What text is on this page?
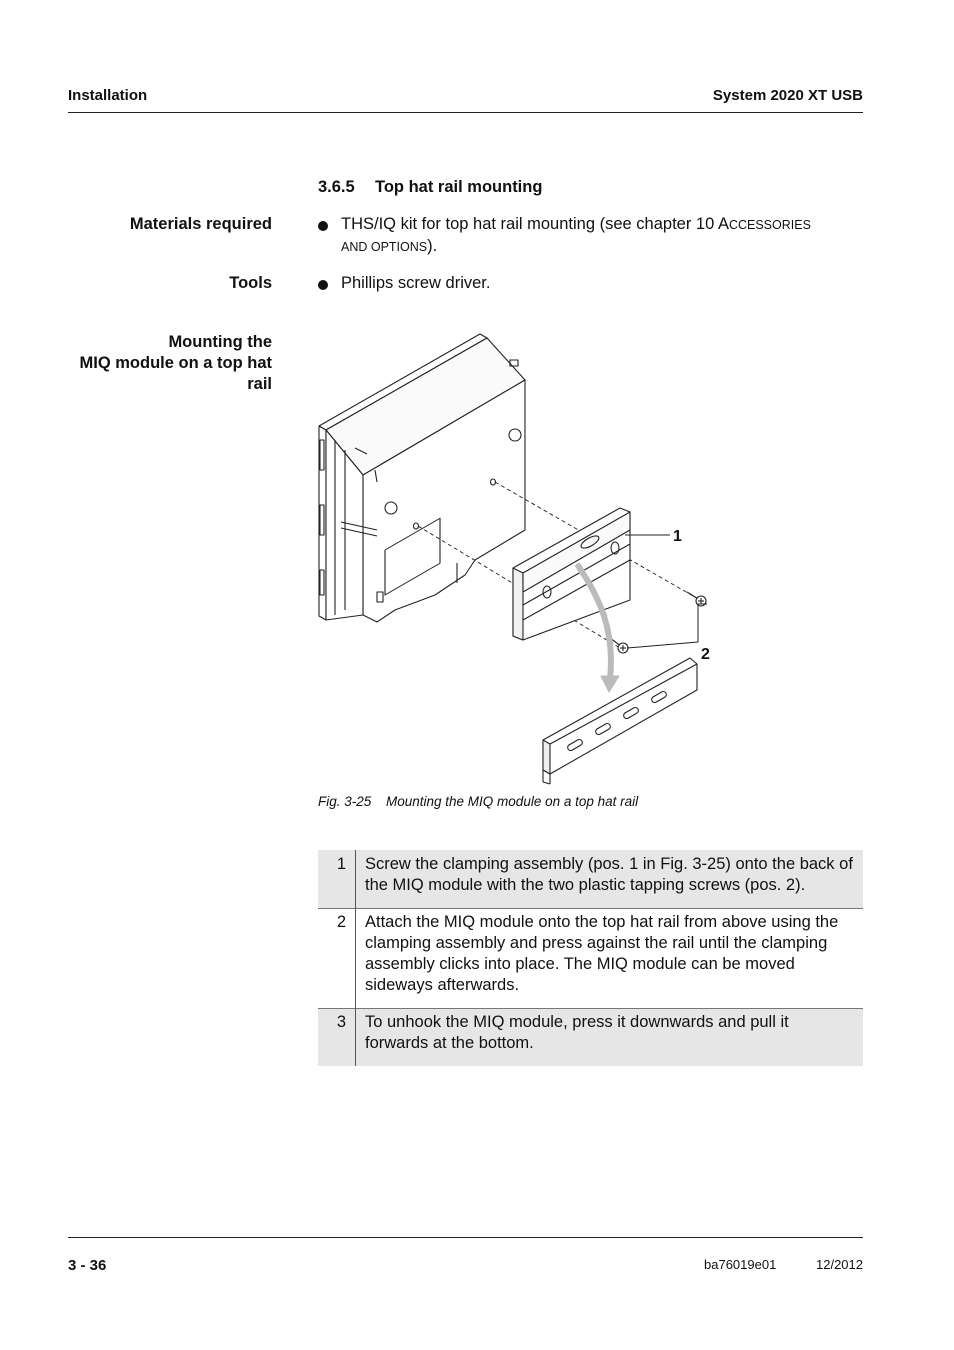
Installation	System 2020 XT USB
3.6.5 Top hat rail mounting
Materials required
Tools
Mounting the
MIQ module on a top hat
rail
THS/IQ kit for top hat rail mounting (see chapter 10 ACCESSORIES
AND OPTIONS).
Phillips screw driver.
1
2
Fig. 3-25 Mounting the MIQ module on a top hat rail
1	Screw the clamping assembly (pos. 1 in Fig. 3-25) onto the back of the MIQ module with the two plastic tapping screws (pos. 2).
2	Attach the MIQ module onto the top hat rail from above using the clamping assembly and press against the rail until the clamping assembly clicks into place. The MIQ module can be moved sideways afterwards.
3	To unhook the MIQ module, press it downwards and pull it forwards at the bottom.
3 - 36	ba76019e01	12/2012
